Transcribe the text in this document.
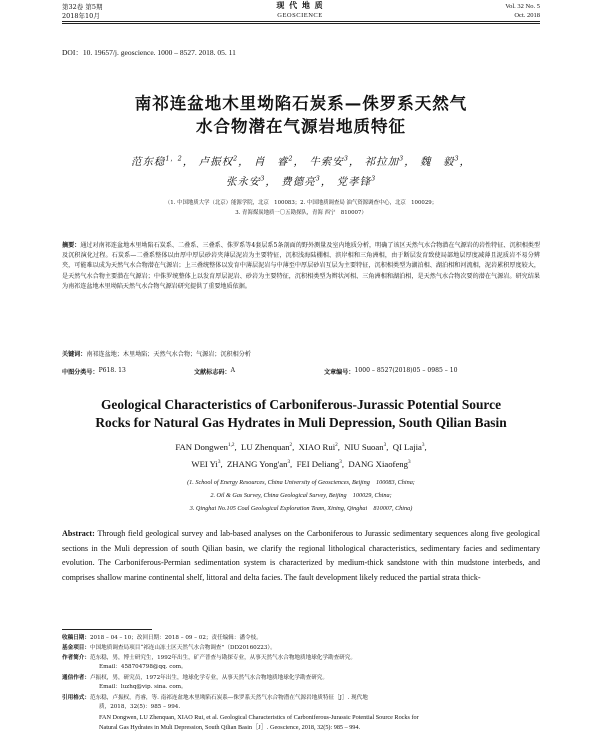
第32卷 第5期
2018年10月
现 代 地 质
GEOSCIENCE
Vol. 32 No. 5
Oct. 2018
DOI：10. 19657/j. geoscience. 1000 – 8527. 2018. 05. 11
南祁连盆地木里坳陷石炭系—侏罗系天然气
水合物潜在气源岩地质特征
范东稳$^{1,2}$， 卢振权$^2$， 肖　睿$^2$， 牛索安$^3$， 祁拉加$^3$， 魏　毅$^3$，
张永安$^3$， 费德亮$^3$， 党孝锋$^3$
（1. 中国地质大学（北京）能源学院，北京　100083；2. 中国地质调查局 油气资源调查中心，北京　100029；
3. 青海煤炭地质一〇五勘探队，青海 西宁　810007）
摘要：通过对南祁连盆地木里坳陷石炭系、二叠系、三叠系、侏罗系等4套层系5条剖面的野外测量及室内地质分析，明确了该区天然气水合物潜在气源岩的岩性特征、沉积相类型及沉积演化过程。石炭系—二叠系整体以由厚中厚层砂岩夹薄层泥岩为主要特征，沉积浅海陆棚相、滨岸相和三角洲相，由于断层发育致使局部地层厚度减薄且泥质岩不易分辨夹，可能难以成为天然气水合物潜在气源岩；上三叠统整体以发育中薄层泥岩与中薄至中厚层砂岩互层为主要特征，沉积相类型为湖泊相、湖泊相和河流相，泥岩累积厚度较大，是天然气水合物主要潜在气源岩；中侏罗统整体上以发育厚层泥岩、砂岩为主要特征，沉积相类型为辫状河相、三角洲相和湖泊相，是天然气水合物次要的潜在气源岩。研究结果为南祁连盆地木里坳陷天然气水合物气源岩研究提供了重要地质依据。
关键词：南祁连盆地；木里坳陷；天然气水合物；气源岩；沉积相分析
中图分类号： P618. 13	文献标志码： A	文章编号： 1000 – 8527(2018)05 – 0985 – 10
Geological Characteristics of Carboniferous-Jurassic Potential Source
Rocks for Natural Gas Hydrates in Muli Depression, South Qilian Basin
FAN Dongwen$^{1,2}$,  LU Zhenquan$^2$,  XIAO Rui$^2$,  NIU Suoan$^3$,  QI Lajia$^3$,
WEI Yi$^3$,  ZHANG $Yong'an^3$,  FEI Deliang$^3$,  DANG Xiaofeng$^3$
(1. School of Energy Resources, China University of Geosciences, Beijing　100083, China;
2. Oil & Gas Survey, China Geological Survey, Beijing　100029, China;
3. Qinghai No.105 Coal Geological Exploration Team, Xining, Qinghai　810007, China)
Abstract: Through field geological survey and lab-based analyses on the Carboniferous to Jurassic sedimentary sequences along five geological sections in the Muli depression of south Qilian basin, we clarify the regional lithological characteristics, sedimentary facies and sedimentary evolution. The Carboniferous-Permian sedimentation system is characterized by medium-thick sandstone with thin mudstone interbeds, and comprises shallow marine continental shelf, littoral and delta facies. The fault development likely reduced the partial strata thick-
收稿日期：2018 – 04 – 10；改回日期：2018 – 09 – 02；责任编辑：潘令枝。
基金项目：中国地质调查局项目“祁连山冻土区天然气水合物调查”（DD20160223）。
作者简介：范东稳，男，博士研究生，1992年出生，矿产普查与勘探专业，从事天然气水合物地质地球化学勘查研究。
Email：458704798@qq. com。
通信作者：卢振权，男，研究员，1972年出生，地球化学专业，从事天然气水合物地质地球化学勘查研究。
Email：luzhq@vip. sina. com。
引用格式：范东稳，卢振权，肖睿，等. 南祁连盆地木里坳陷石炭系—侏罗系天然气水合物潜在气源岩地质特征［J］. 现代地
质，2018，32(5)：985 – 994.
FAN Dongwen, LU Zhenquan, XIAO Rui, et al. Geological Characteristics of Carboniferous-Jurassic Potential Source Rocks for
Natural Gas Hydrates in Muli Depression, South Qilian Basin［J］. Geoscience, 2018, 32(5): 985 – 994.
